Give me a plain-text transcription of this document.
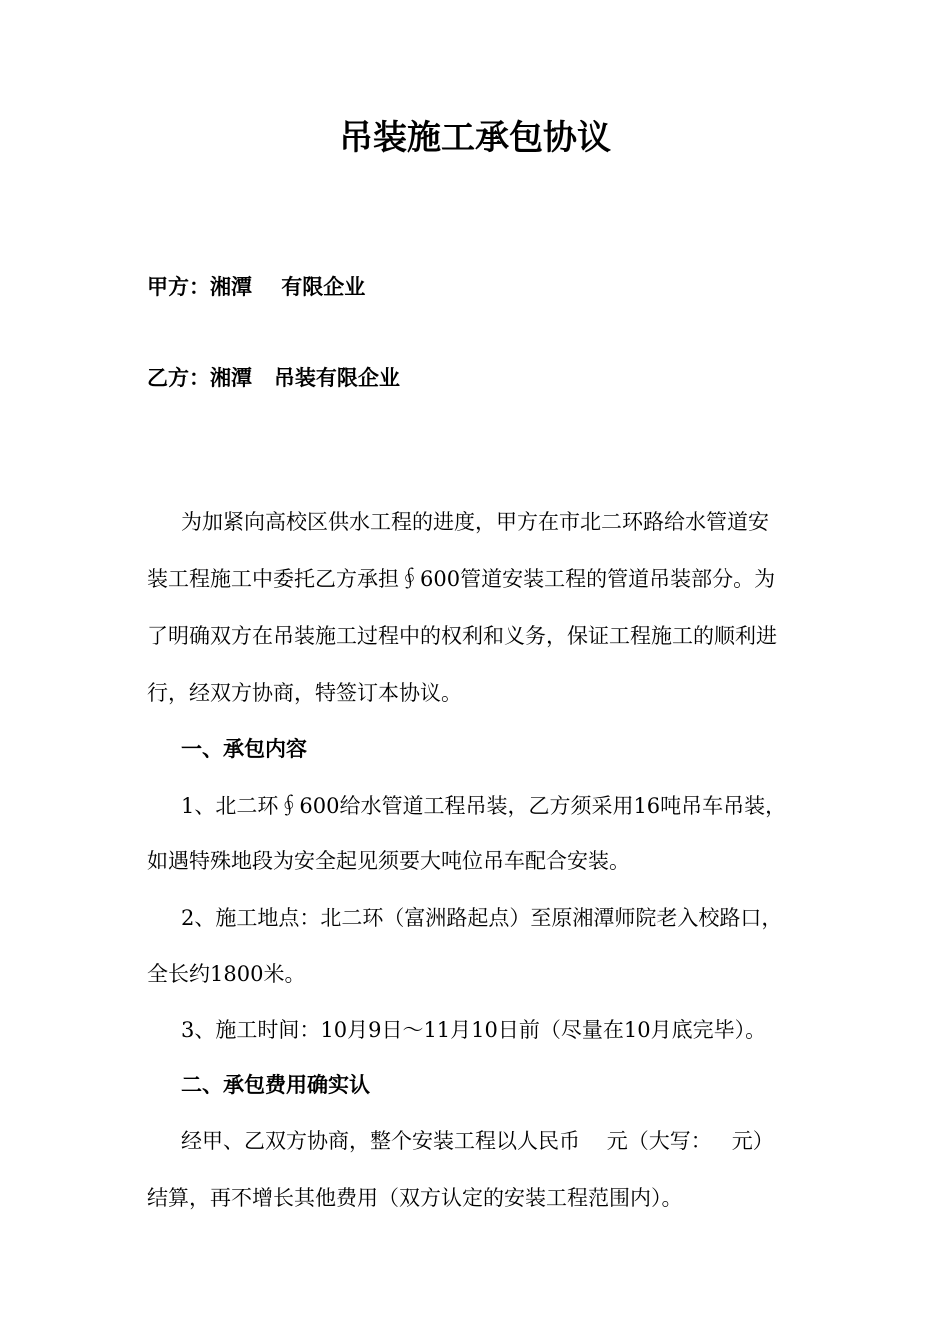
吊装施工承包协议

甲方：湘潭    有限企业

乙方：湘潭   吊装有限企业

为加紧向高校区供水工程的进度，甲方在市北二环路给水管道安

装工程施工中委托乙方承担∮600管道安装工程的管道吊装部分。为

了明确双方在吊装施工过程中的权利和义务，保证工程施工的顺利进

行，经双方协商，特签订本协议。

一、承包内容

1、北二环∮600给水管道工程吊装，乙方须采用16吨吊车吊装，

如遇特殊地段为安全起见须要大吨位吊车配合安装。

2、施工地点：北二环（富洲路起点）至原湘潭师院老入校路口，

全长约1800米。

3、施工时间：10月9日～11月10日前（尽量在10月底完毕）。

二、承包费用确实认

经甲、乙双方协商，整个安装工程以人民币    元（大写：   元）

结算，再不增长其他费用（双方认定的安装工程范围内）。
